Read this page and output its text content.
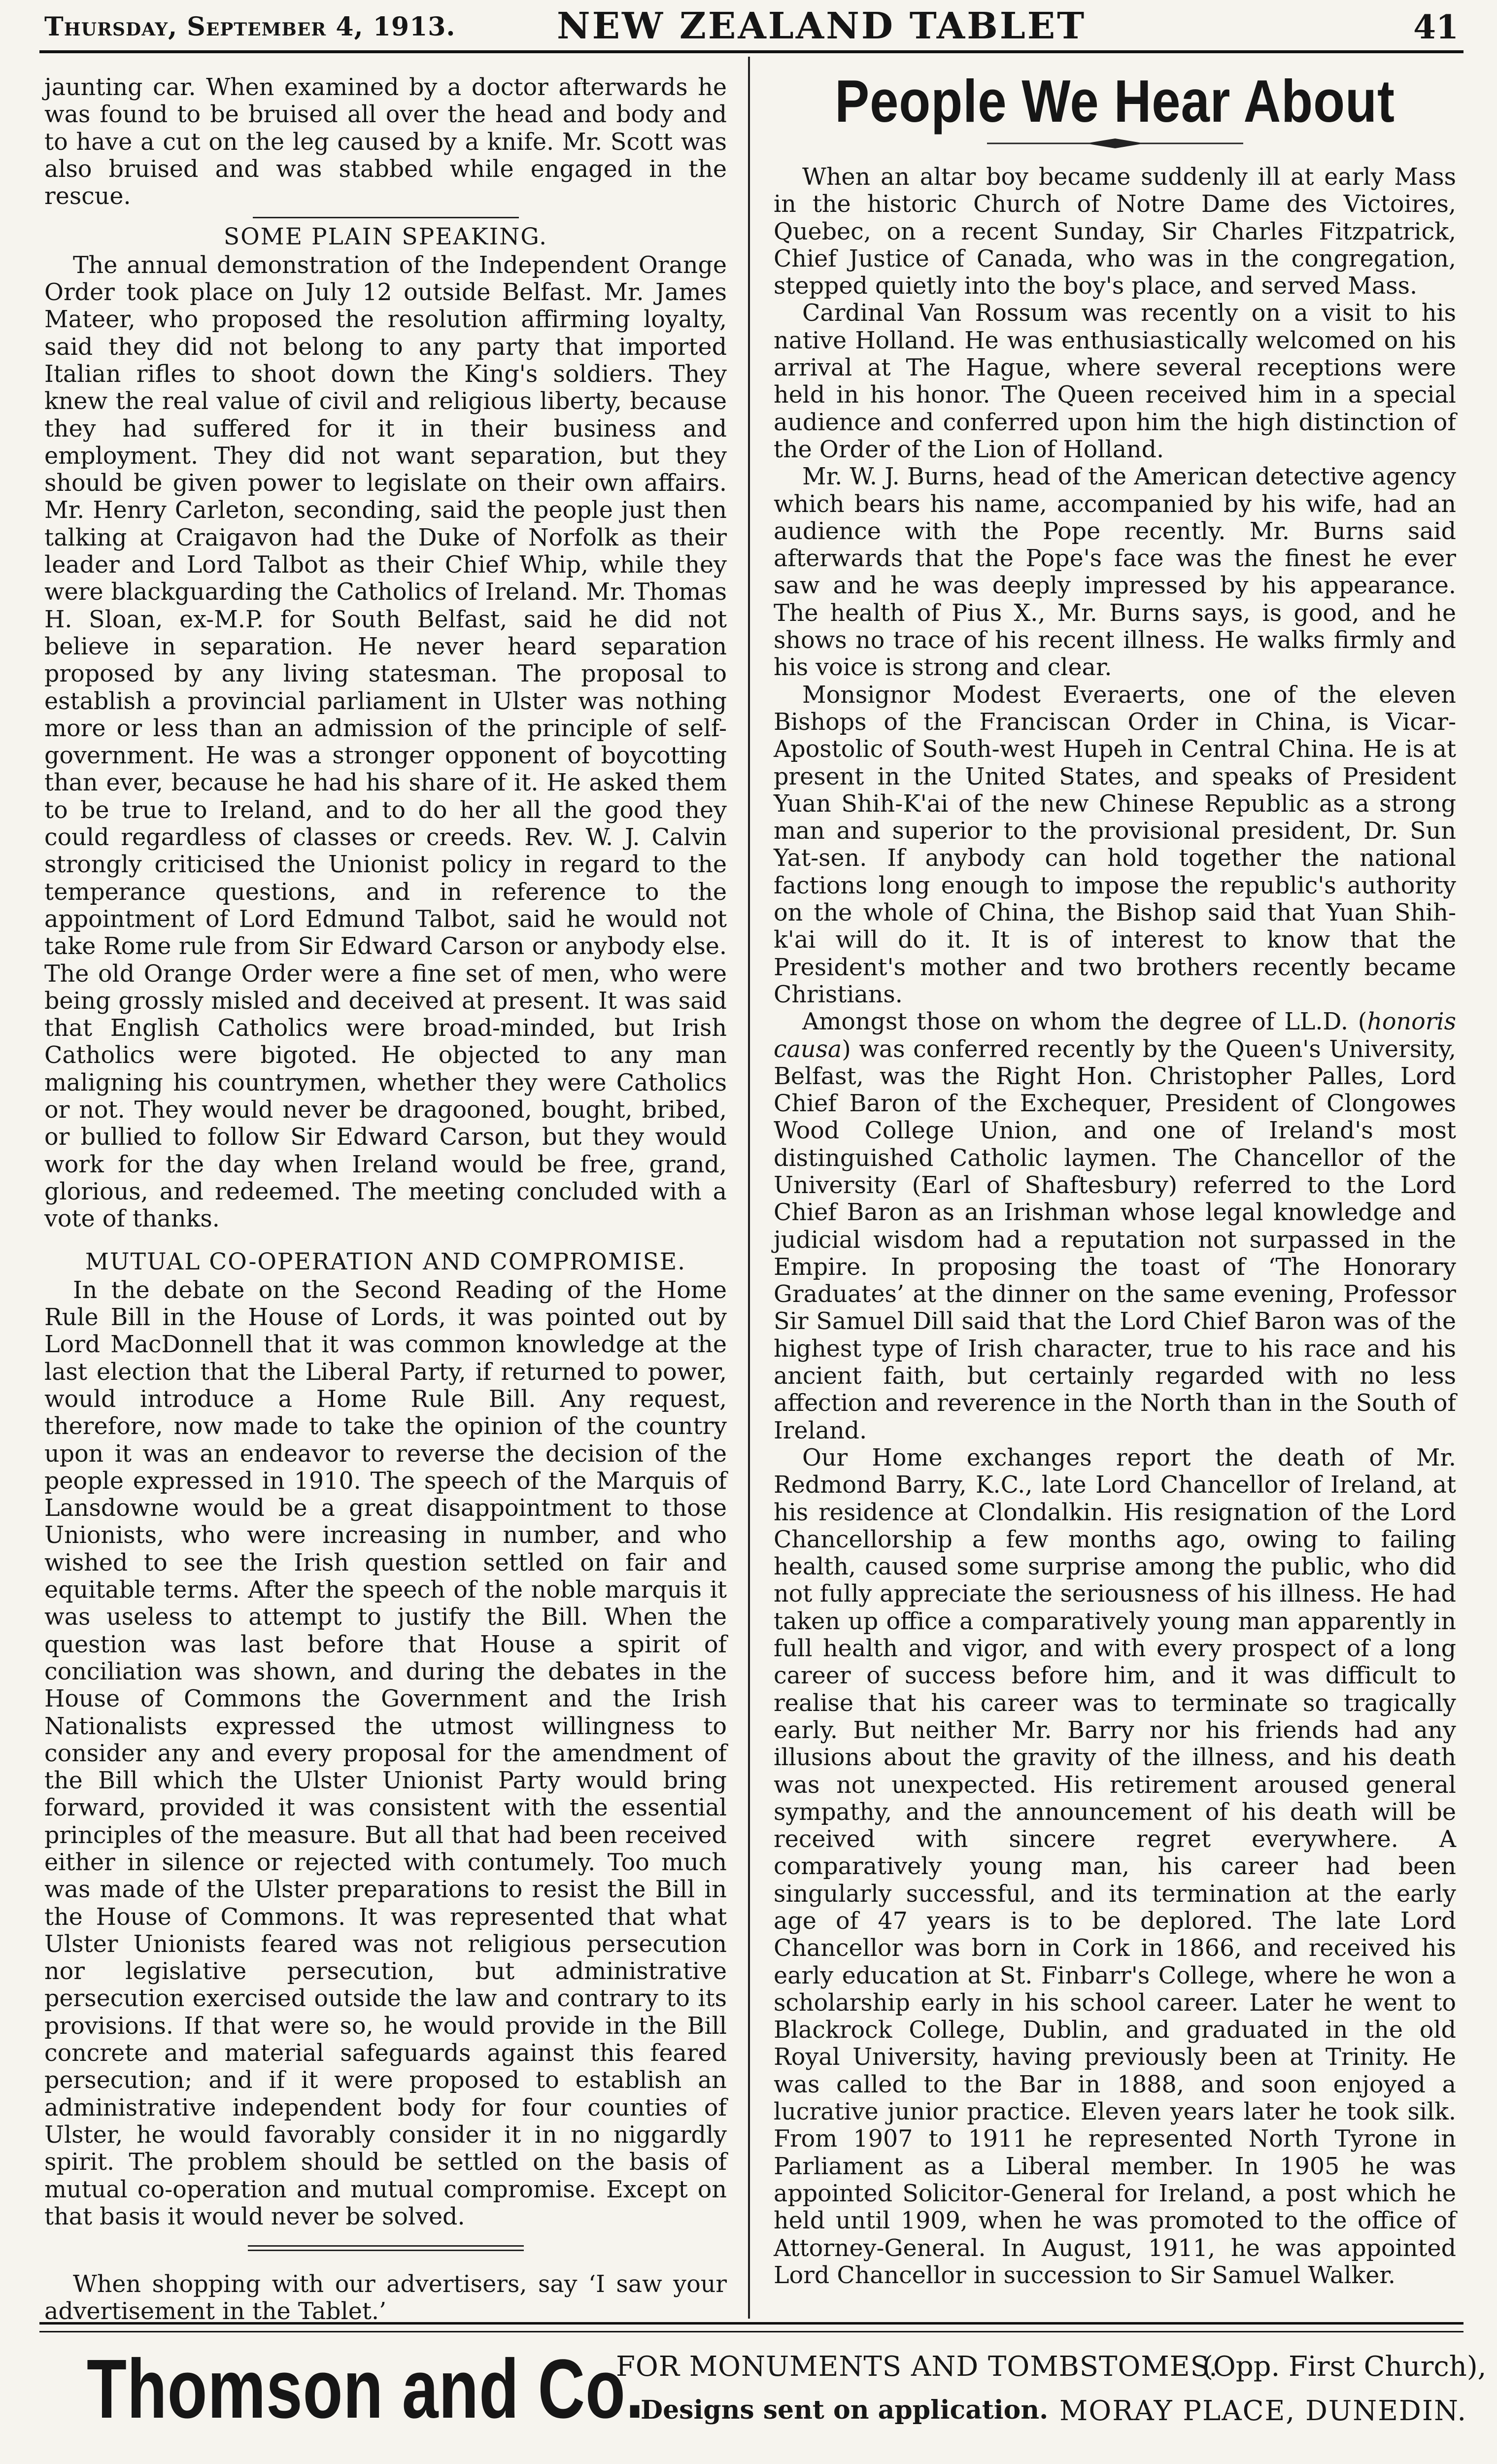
Thursday, September 4, 1913.	NEW ZEALAND TABLET	41

jaunting car. When examined by a doctor afterwards he was found to be bruised all over the head and body and to have a cut on the leg caused by a knife. Mr. Scott was also bruised and was stabbed while engaged in the rescue.

SOME PLAIN SPEAKING.

The annual demonstration of the Independent Orange Order took place on July 12 outside Belfast. Mr. James Mateer, who proposed the resolution affirming loyalty, said they did not belong to any party that imported Italian rifles to shoot down the King's soldiers. They knew the real value of civil and religious liberty, because they had suffered for it in their business and employment. They did not want separation, but they should be given power to legislate on their own affairs. Mr. Henry Carleton, seconding, said the people just then talking at Craigavon had the Duke of Norfolk as their leader and Lord Talbot as their Chief Whip, while they were blackguarding the Catholics of Ireland. Mr. Thomas H. Sloan, ex-M.P. for South Belfast, said he did not believe in separation. He never heard separation proposed by any living statesman. The proposal to establish a provincial parliament in Ulster was nothing more or less than an admission of the principle of self-government. He was a stronger opponent of boycotting than ever, because he had his share of it. He asked them to be true to Ireland, and to do her all the good they could regardless of classes or creeds. Rev. W. J. Calvin strongly criticised the Unionist policy in regard to the temperance questions, and in reference to the appointment of Lord Edmund Talbot, said he would not take Rome rule from Sir Edward Carson or anybody else. The old Orange Order were a fine set of men, who were being grossly misled and deceived at present. It was said that English Catholics were broad-minded, but Irish Catholics were bigoted. He objected to any man maligning his countrymen, whether they were Catholics or not. They would never be dragooned, bought, bribed, or bullied to follow Sir Edward Carson, but they would work for the day when Ireland would be free, grand, glorious, and redeemed. The meeting concluded with a vote of thanks.

MUTUAL CO-OPERATION AND COMPROMISE.

In the debate on the Second Reading of the Home Rule Bill in the House of Lords, it was pointed out by Lord MacDonnell that it was common knowledge at the last election that the Liberal Party, if returned to power, would introduce a Home Rule Bill. Any request, therefore, now made to take the opinion of the country upon it was an endeavor to reverse the decision of the people expressed in 1910. The speech of the Marquis of Lansdowne would be a great disappointment to those Unionists, who were increasing in number, and who wished to see the Irish question settled on fair and equitable terms. After the speech of the noble marquis it was useless to attempt to justify the Bill. When the question was last before that House a spirit of conciliation was shown, and during the debates in the House of Commons the Government and the Irish Nationalists expressed the utmost willingness to consider any and every proposal for the amendment of the Bill which the Ulster Unionist Party would bring forward, provided it was consistent with the essential principles of the measure. But all that had been received either in silence or rejected with contumely. Too much was made of the Ulster preparations to resist the Bill in the House of Commons. It was represented that what Ulster Unionists feared was not religious persecution nor legislative persecution, but administrative persecution exercised outside the law and contrary to its provisions. If that were so, he would provide in the Bill concrete and material safeguards against this feared persecution; and if it were proposed to establish an administrative independent body for four counties of Ulster, he would favorably consider it in no niggardly spirit. The problem should be settled on the basis of mutual co-operation and mutual compromise. Except on that basis it would never be solved.

When shopping with our advertisers, say ‘I saw your advertisement in the Tablet.’

People We Hear About

When an altar boy became suddenly ill at early Mass in the historic Church of Notre Dame des Victoires, Quebec, on a recent Sunday, Sir Charles Fitzpatrick, Chief Justice of Canada, who was in the congregation, stepped quietly into the boy's place, and served Mass.

Cardinal Van Rossum was recently on a visit to his native Holland. He was enthusiastically welcomed on his arrival at The Hague, where several receptions were held in his honor. The Queen received him in a special audience and conferred upon him the high distinction of the Order of the Lion of Holland.

Mr. W. J. Burns, head of the American detective agency which bears his name, accompanied by his wife, had an audience with the Pope recently. Mr. Burns said afterwards that the Pope's face was the finest he ever saw and he was deeply impressed by his appearance. The health of Pius X., Mr. Burns says, is good, and he shows no trace of his recent illness. He walks firmly and his voice is strong and clear.

Monsignor Modest Everaerts, one of the eleven Bishops of the Franciscan Order in China, is Vicar-Apostolic of South-west Hupeh in Central China. He is at present in the United States, and speaks of President Yuan Shih-K'ai of the new Chinese Republic as a strong man and superior to the provisional president, Dr. Sun Yat-sen. If anybody can hold together the national factions long enough to impose the republic's authority on the whole of China, the Bishop said that Yuan Shih-k'ai will do it. It is of interest to know that the President's mother and two brothers recently became Christians.

Amongst those on whom the degree of LL.D. (honoris causa) was conferred recently by the Queen's University, Belfast, was the Right Hon. Christopher Palles, Lord Chief Baron of the Exchequer, President of Clongowes Wood College Union, and one of Ireland's most distinguished Catholic laymen. The Chancellor of the University (Earl of Shaftesbury) referred to the Lord Chief Baron as an Irishman whose legal knowledge and judicial wisdom had a reputation not surpassed in the Empire. In proposing the toast of ‘The Honorary Graduates’ at the dinner on the same evening, Professor Sir Samuel Dill said that the Lord Chief Baron was of the highest type of Irish character, true to his race and his ancient faith, but certainly regarded with no less affection and reverence in the North than in the South of Ireland.

Our Home exchanges report the death of Mr. Redmond Barry, K.C., late Lord Chancellor of Ireland, at his residence at Clondalkin. His resignation of the Lord Chancellorship a few months ago, owing to failing health, caused some surprise among the public, who did not fully appreciate the seriousness of his illness. He had taken up office a comparatively young man apparently in full health and vigor, and with every prospect of a long career of success before him, and it was difficult to realise that his career was to terminate so tragically early. But neither Mr. Barry nor his friends had any illusions about the gravity of the illness, and his death was not unexpected. His retirement aroused general sympathy, and the announcement of his death will be received with sincere regret everywhere. A comparatively young man, his career had been singularly successful, and its termination at the early age of 47 years is to be deplored. The late Lord Chancellor was born in Cork in 1866, and received his early education at St. Finbarr's College, where he won a scholarship early in his school career. Later he went to Blackrock College, Dublin, and graduated in the old Royal University, having previously been at Trinity. He was called to the Bar in 1888, and soon enjoyed a lucrative junior practice. Eleven years later he took silk. From 1907 to 1911 he represented North Tyrone in Parliament as a Liberal member. In 1905 he was appointed Solicitor-General for Ireland, a post which he held until 1909, when he was promoted to the office of Attorney-General. In August, 1911, he was appointed Lord Chancellor in succession to Sir Samuel Walker.

Thomson and Co.
FOR MONUMENTS AND TOMBSTOMES.
(Opp. First Church),
Designs sent on application. MORAY PLACE, DUNEDIN.
